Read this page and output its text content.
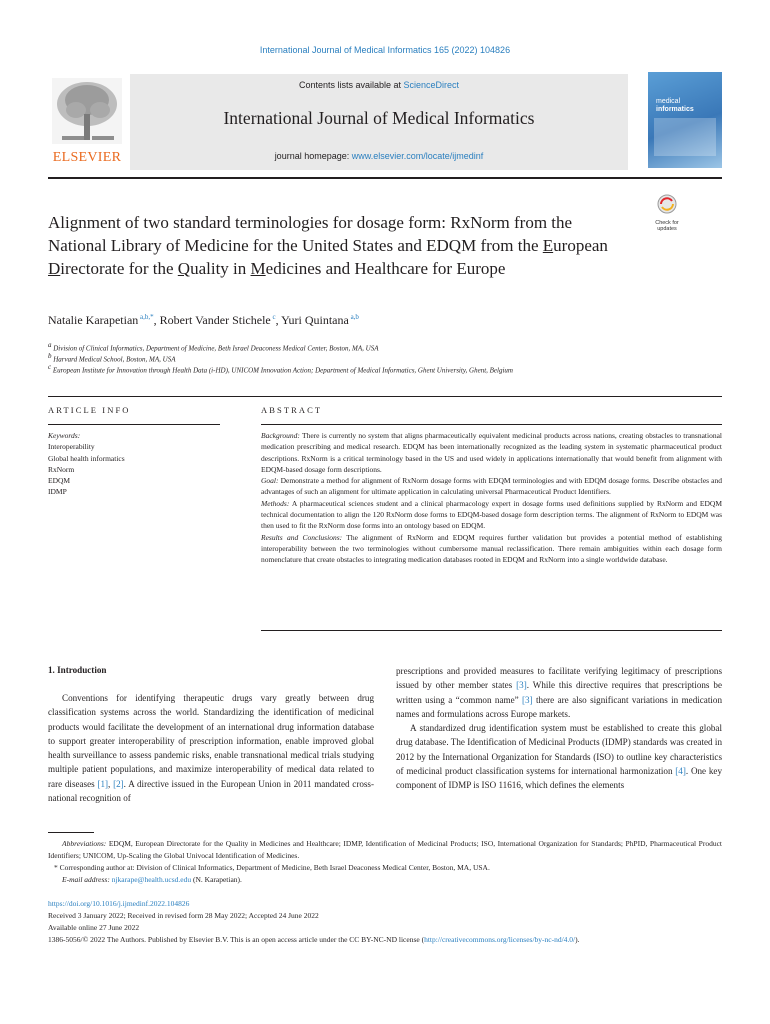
International Journal of Medical Informatics 165 (2022) 104826
ELSEVIER
Contents lists available at ScienceDirect
International Journal of Medical Informatics
journal homepage: www.elsevier.com/locate/ijmedinf
medical
informatics
Check for
updates
Alignment of two standard terminologies for dosage form: RxNorm from the National Library of Medicine for the United States and EDQM from the European Directorate for the Quality in Medicines and Healthcare for Europe
Natalie Karapetian $^{a,b,*}$, Robert Vander Stichele $^c$, Yuri Quintana $^{a,b}$
$^a$ Division of Clinical Informatics, Department of Medicine, Beth Israel Deaconess Medical Center, Boston, MA, USA
$^b$ Harvard Medical School, Boston, MA, USA
$^c$ European Institute for Innovation through Health Data (i-HD), UNICOM Innovation Action; Department of Medical Informatics, Ghent University, Ghent, Belgium
ARTICLE INFO	ABSTRACT
Keywords:
Interoperability
Global health informatics
RxNorm
EDQM
IDMP

Background: There is currently no system that aligns pharmaceutically equivalent medicinal products across nations, creating obstacles to transnational medication prescribing and medical research. EDQM has been internationally recognized as the leading system in systematic pharmaceutical product descriptions. RxNorm is a critical terminology based in the US and used widely in applications internationally that would benefit from alignment with EDQM-based dosage form descriptions.

Goal: Demonstrate a method for alignment of RxNorm dosage forms with EDQM terminologies and with EDQM dosage forms. Describe obstacles and advantages of such an alignment for ultimate application in calculating universal Pharmaceutical Product Identifiers.

Methods: A pharmaceutical sciences student and a clinical pharmacology expert in dosage forms used definitions supplied by RxNorm and EDQM technical documentation to align the 120 RxNorm dose forms to EDQM-based dosage form description terms. The alignment of RxNorm to EDQM was then used to fit the RxNorm dose forms into an ontology based on EDQM.

Results and Conclusions: The alignment of RxNorm and EDQM requires further validation but provides a potential method of establishing interoperability between the two terminologies without cumbersome manual reclassification. There remain ambiguities within each dosage form nomenclature that create obstacles to integrating medication databases rooted in EDQM and RxNorm into a single worldwide database.

1. Introduction
Conventions for identifying therapeutic drugs vary greatly between drug classification systems across the world. Standardizing the identification of medicinal products would facilitate the development of an international drug information database to support greater interoperability of prescription information, enable improved global health surveillance to assess pandemic risks, enable transnational medical trials studying multiple patient populations, and maximize interoperability of medical data related to rare diseases [1], [2]. A directive issued in the European Union in 2011 mandated cross-national recognition of

prescriptions and provided measures to facilitate verifying legitimacy of prescriptions issued by other member states [3]. While this directive requires that prescriptions be written using a “common name” [3] there are also significant variations in medication names and formulations across Europe markets.

A standardized drug identification system must be established to create this global drug database. The Identification of Medicinal Products (IDMP) standards was created in 2012 by the International Organization for Standards (ISO) to outline key characteristics of medicinal product classification systems for international harmonization [4]. One key component of IDMP is ISO 11616, which defines the elements

Abbreviations: EDQM, European Directorate for the Quality in Medicines and Healthcare; IDMP, Identification of Medicinal Products; ISO, International Organization for Standards; PhPID, Pharmaceutical Product Identifiers; UNICOM, Up-Scaling the Global Univocal Identification of Medicines.
* Corresponding author at: Division of Clinical Informatics, Department of Medicine, Beth Israel Deaconess Medical Center, Boston, MA, USA.
E-mail address: njkarape@health.ucsd.edu (N. Karapetian).
https://doi.org/10.1016/j.ijmedinf.2022.104826
Received 3 January 2022; Received in revised form 28 May 2022; Accepted 24 June 2022
Available online 27 June 2022
1386-5056/© 2022 The Authors. Published by Elsevier B.V. This is an open access article under the CC BY-NC-ND license (http://creativecommons.org/licenses/by-nc-nd/4.0/).
